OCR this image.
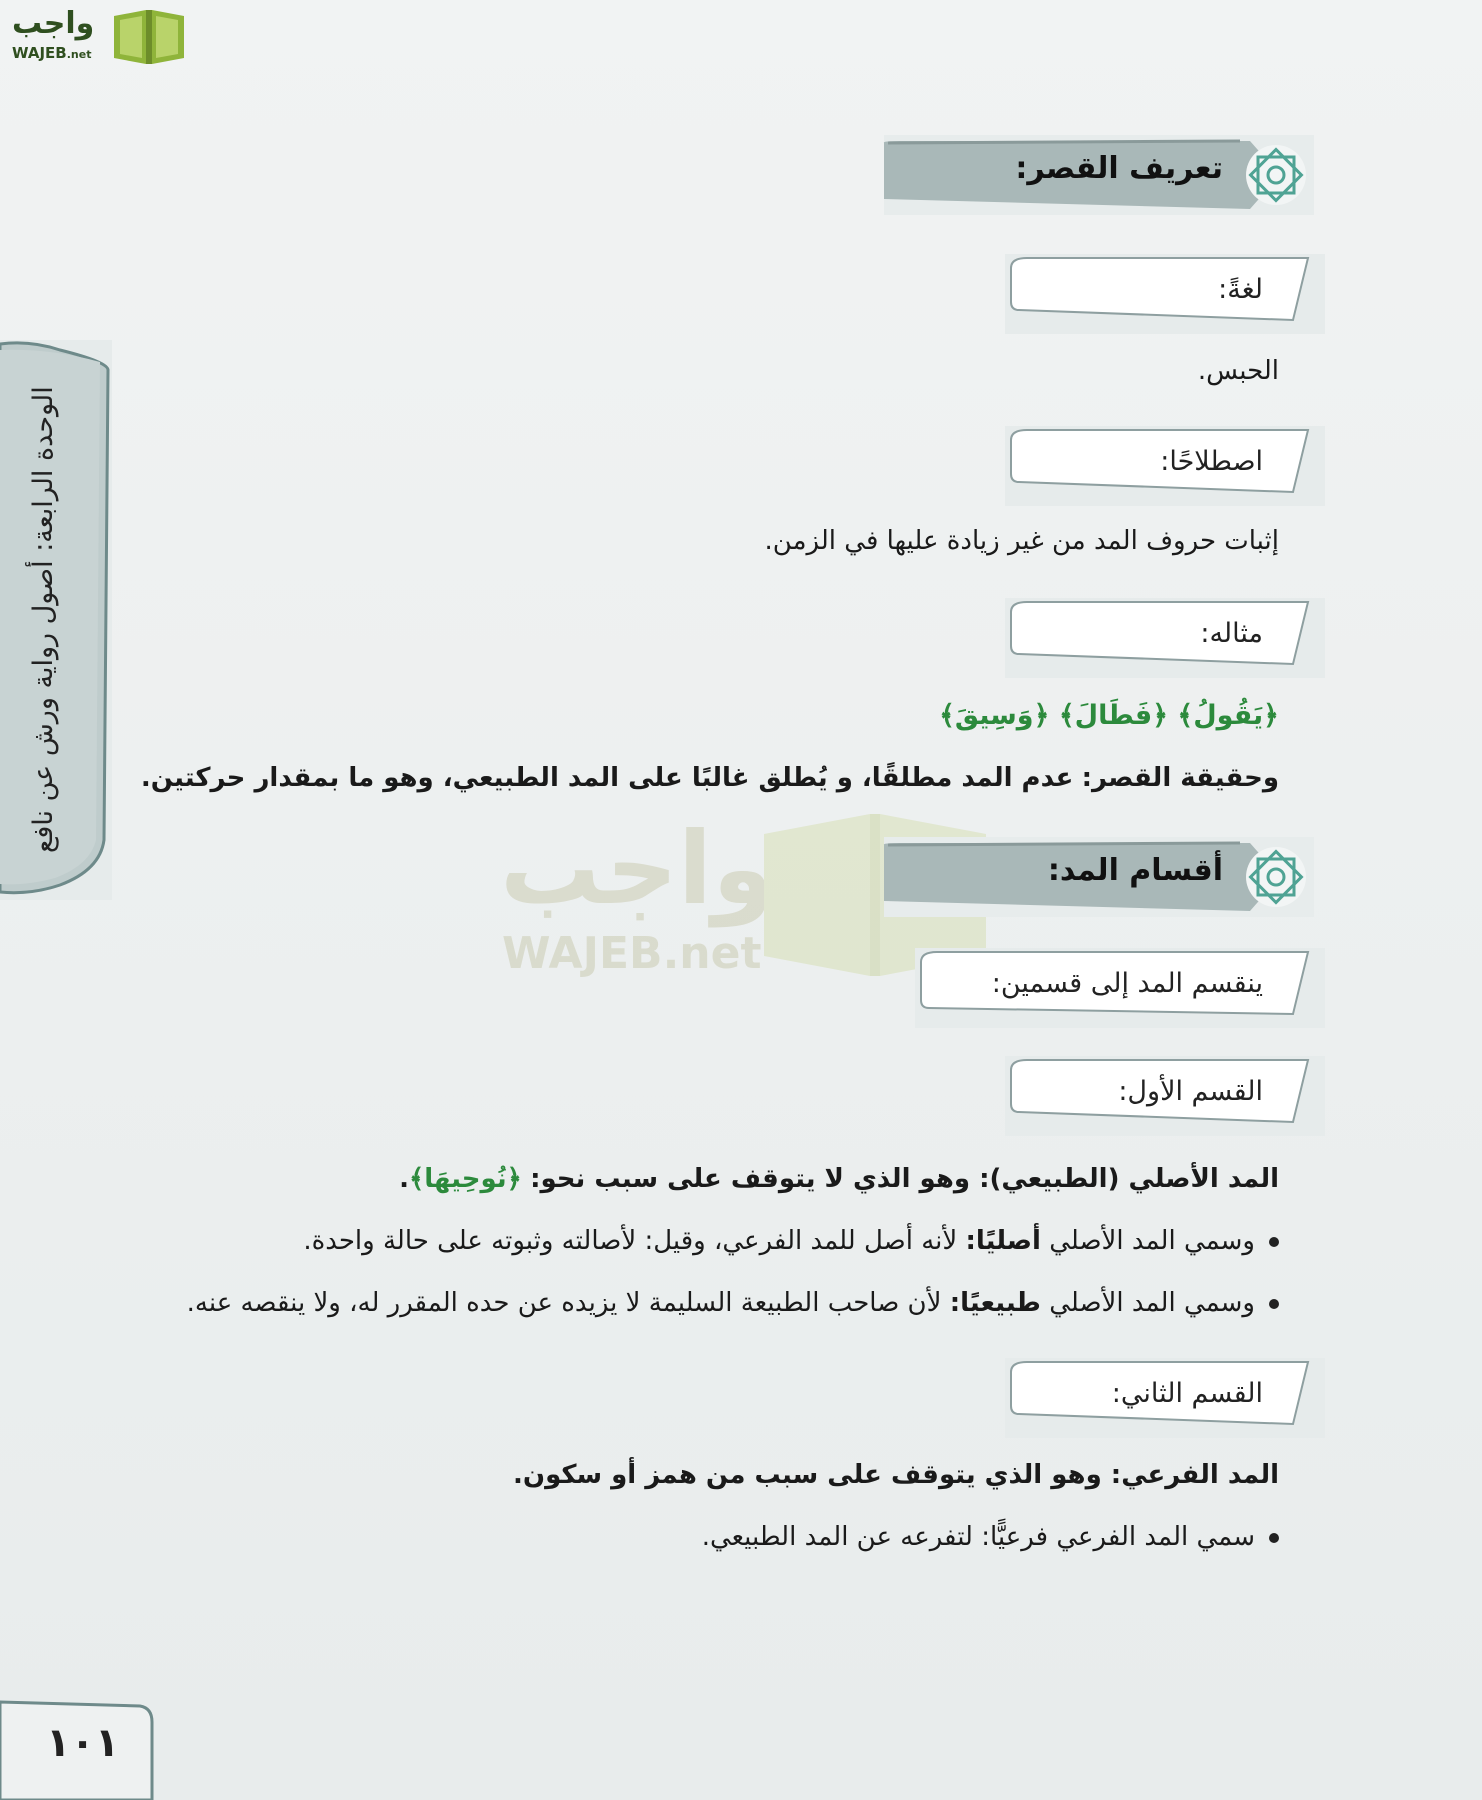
واجب
WAJEB.net
الوحدة الرابعة: أصول رواية ورش عن نافع
تعريف القصر:
لغةً:
الحبس.
اصطلاحًا:
إثبات حروف المد من غير زيادة عليها في الزمن.
مثاله:
﴿يَقُولُ﴾ ﴿فَطَالَ﴾ ﴿وَسِيقَ﴾
وحقيقة القصر: عدم المد مطلقًا، و يُطلق غالبًا على المد الطبيعي، وهو ما بمقدار حركتين.
واجب
WAJEB.net
أقسام المد:
ينقسم المد إلى قسمين:
القسم الأول:
المد الأصلي (الطبيعي): وهو الذي لا يتوقف على سبب نحو: ﴿نُوحِيهَا﴾.
وسمي المد الأصلي أصليًا: لأنه أصل للمد الفرعي، وقيل: لأصالته وثبوته على حالة واحدة.
وسمي المد الأصلي طبيعيًا: لأن صاحب الطبيعة السليمة لا يزيده عن حده المقرر له، ولا ينقصه عنه.
القسم الثاني:
المد الفرعي: وهو الذي يتوقف على سبب من همز أو سكون.
سمي المد الفرعي فرعيًّا: لتفرعه عن المد الطبيعي.
١٠١
